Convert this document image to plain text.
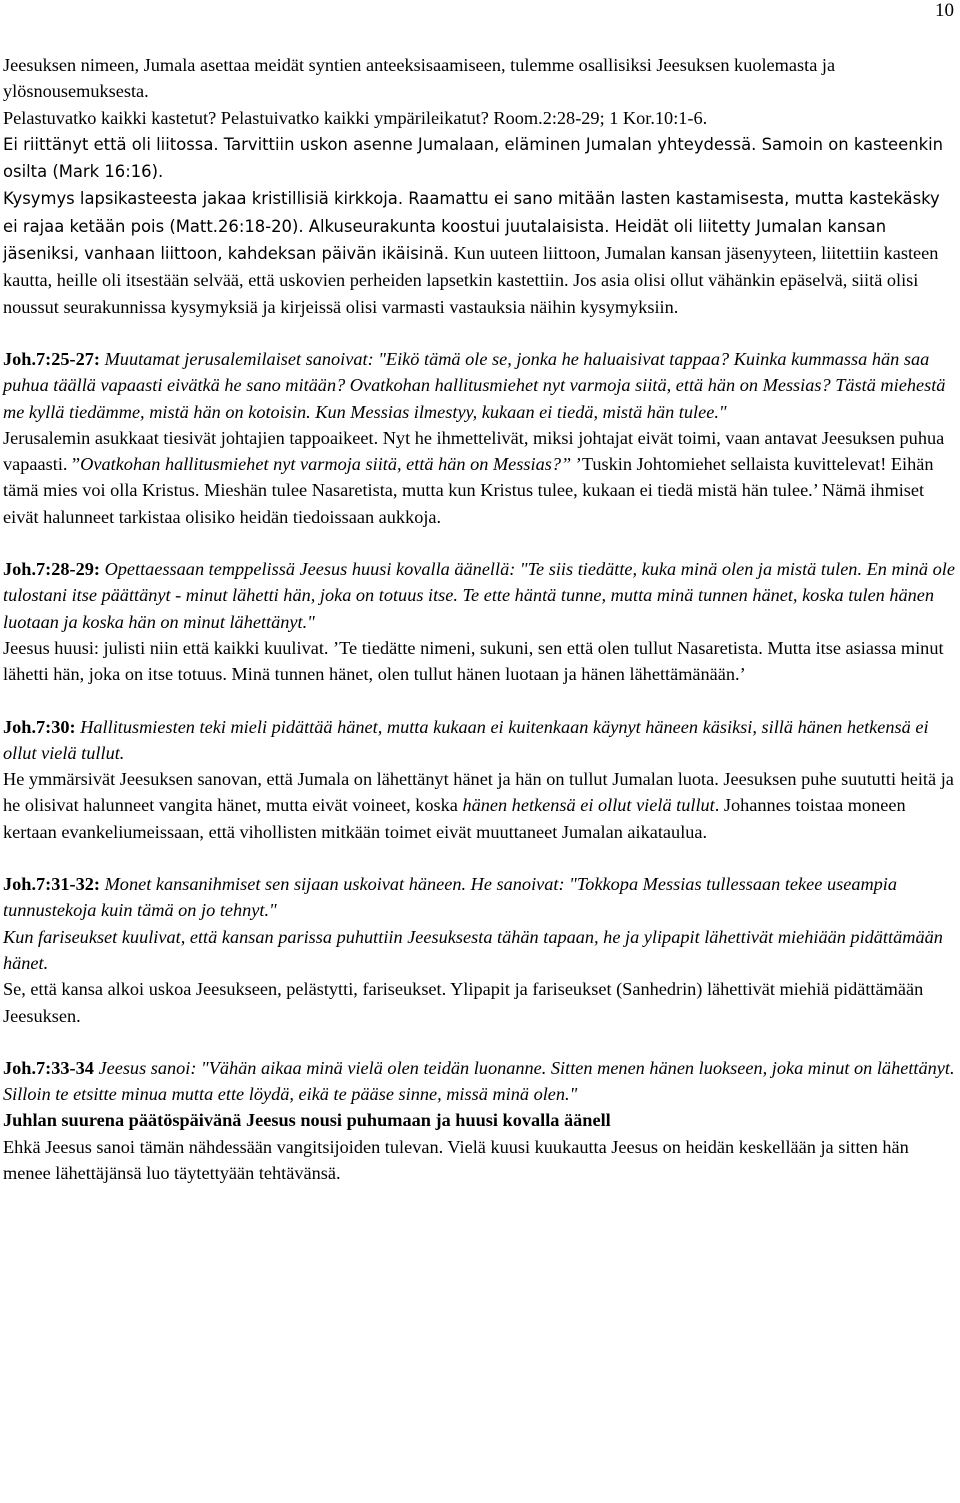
10

Jeesuksen nimeen, Jumala asettaa meidät syntien anteeksisaamiseen, tulemme osallisiksi Jeesuksen kuolemasta ja ylösnousemuksesta.

Pelastuvatko kaikki kastetut? Pelastuivatko kaikki ympärileikatut? Room.2:28-29; 1 Kor.10:1-6.

Ei riittänyt että oli liitossa. Tarvittiin uskon asenne Jumalaan, eläminen Jumalan yhteydessä. Samoin on kasteenkin osilta (Mark 16:16).

Kysymys lapsikasteesta jakaa kristillisiä kirkkoja. Raamattu ei sano mitään lasten kastamisesta, mutta kastekäsky ei rajaa ketään pois (Matt.26:18-20). Alkuseurakunta koostui juutalaisista. Heidät oli liitetty Jumalan kansan jäseniksi, vanhaan liittoon, kahdeksan päivän ikäisinä. Kun uuteen liittoon, Jumalan kansan jäsenyyteen, liitettiin kasteen kautta, heille oli itsestään selvää, että uskovien perheiden lapsetkin kastettiin. Jos asia olisi ollut vähänkin epäselvä, siitä olisi noussut seurakunnissa kysymyksiä ja kirjeissä olisi varmasti vastauksia näihin kysymyksiin.

Joh.7:25-27: Muutamat jerusalemilaiset sanoivat: "Eikö tämä ole se, jonka he haluaisivat tappaa? Kuinka kummassa hän saa puhua täällä vapaasti eivätkä he sano mitään? Ovatkohan hallitusmiehet nyt varmoja siitä, että hän on Messias? Tästä miehestä me kyllä tiedämme, mistä hän on kotoisin. Kun Messias ilmestyy, kukaan ei tiedä, mistä hän tulee."

Jerusalemin asukkaat tiesivät johtajien tappoaikeet. Nyt he ihmettelivät, miksi johtajat eivät toimi, vaan antavat Jeesuksen puhua vapaasti. ”Ovatkohan hallitusmiehet nyt varmoja siitä, että hän on Messias?” ’Tuskin Johtomiehet sellaista kuvittelevat! Eihän tämä mies voi olla Kristus. Mieshän tulee Nasaretista, mutta kun Kristus tulee, kukaan ei tiedä mistä hän tulee.’ Nämä ihmiset eivät halunneet tarkistaa olisiko heidän tiedoissaan aukkoja.

Joh.7:28-29: Opettaessaan temppelissä Jeesus huusi kovalla äänellä: "Te siis tiedätte, kuka minä olen ja mistä tulen. En minä ole tulostani itse päättänyt - minut lähetti hän, joka on totuus itse. Te ette häntä tunne, mutta minä tunnen hänet, koska tulen hänen luotaan ja koska hän on minut lähettänyt."

Jeesus huusi: julisti niin että kaikki kuulivat. ’Te tiedätte nimeni, sukuni, sen että olen tullut Nasaretista. Mutta itse asiassa minut lähetti hän, joka on itse totuus. Minä tunnen hänet, olen tullut hänen luotaan ja hänen lähettämänään.’

Joh.7:30: Hallitusmiesten teki mieli pidättää hänet, mutta kukaan ei kuitenkaan käynyt häneen käsiksi, sillä hänen hetkensä ei ollut vielä tullut.

He ymmärsivät Jeesuksen sanovan, että Jumala on lähettänyt hänet ja hän on tullut Jumalan luota. Jeesuksen puhe suututti heitä ja he olisivat halunneet vangita hänet, mutta eivät voineet, koska hänen hetkensä ei ollut vielä tullut. Johannes toistaa moneen kertaan evankeliumeissaan, että vihollisten mitkään toimet eivät muuttaneet Jumalan aikataulua.

Joh.7:31-32: Monet kansanihmiset sen sijaan uskoivat häneen. He sanoivat: "Tokkopa Messias tullessaan tekee useampia tunnustekoja kuin tämä on jo tehnyt."

Kun fariseukset kuulivat, että kansan parissa puhuttiin Jeesuksesta tähän tapaan, he ja ylipapit lähettivät miehiään pidättämään hänet.

Se, että kansa alkoi uskoa Jeesukseen, pelästytti, fariseukset. Ylipapit ja fariseukset (Sanhedrin) lähettivät miehiä pidättämään Jeesuksen.

Joh.7:33-34 Jeesus sanoi: "Vähän aikaa minä vielä olen teidän luonanne. Sitten menen hänen luokseen, joka minut on lähettänyt.

Silloin te etsitte minua mutta ette löydä, eikä te pääse sinne, missä minä olen."

Juhlan suurena päätöspäivänä Jeesus nousi puhumaan ja huusi kovalla äänell

Ehkä Jeesus sanoi tämän nähdessään vangitsijoiden tulevan. Vielä kuusi kuukautta Jeesus on heidän keskellään ja sitten hän menee lähettäjänsä luo täytettyään tehtävänsä.
